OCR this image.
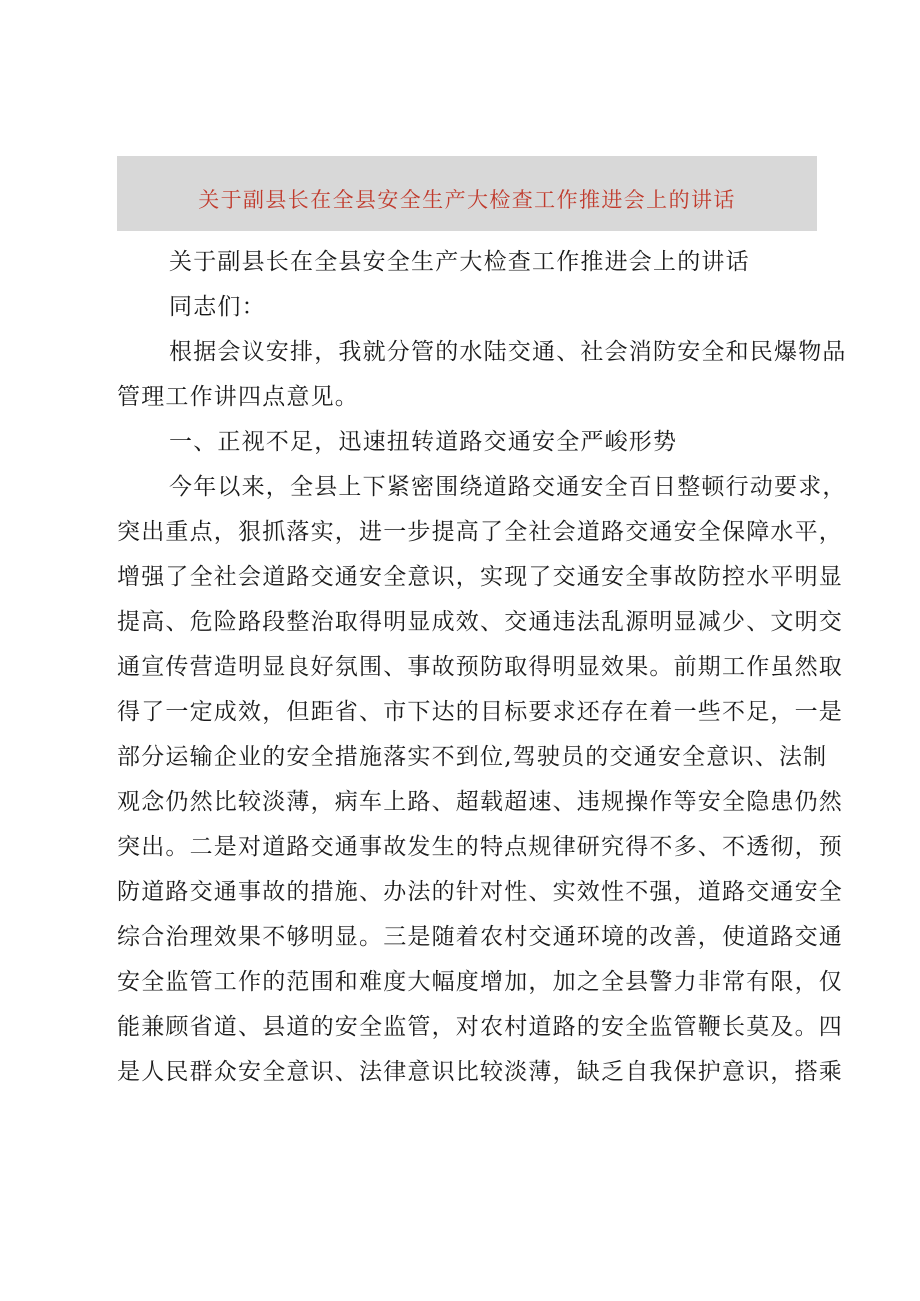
关于副县长在全县安全生产大检查工作推进会上的讲话
关于副县长在全县安全生产大检查工作推进会上的讲话
同志们：
根据会议安排，我就分管的水陆交通、社会消防安全和民爆物品
管理工作讲四点意见。
一、正视不足，迅速扭转道路交通安全严峻形势
今年以来，全县上下紧密围绕道路交通安全百日整顿行动要求，
突出重点，狠抓落实，进一步提高了全社会道路交通安全保障水平，
增强了全社会道路交通安全意识，实现了交通安全事故防控水平明显
提高、危险路段整治取得明显成效、交通违法乱源明显减少、文明交
通宣传营造明显良好氛围、事故预防取得明显效果。前期工作虽然取
得了一定成效，但距省、市下达的目标要求还存在着一些不足，一是
部分运输企业的安全措施落实不到位,驾驶员的交通安全意识、法制
观念仍然比较淡薄，病车上路、超载超速、违规操作等安全隐患仍然
突出。二是对道路交通事故发生的特点规律研究得不多、不透彻，预
防道路交通事故的措施、办法的针对性、实效性不强，道路交通安全
综合治理效果不够明显。三是随着农村交通环境的改善，使道路交通
安全监管工作的范围和难度大幅度增加，加之全县警力非常有限，仅
能兼顾省道、县道的安全监管，对农村道路的安全监管鞭长莫及。四
是人民群众安全意识、法律意识比较淡薄，缺乏自我保护意识，搭乘
